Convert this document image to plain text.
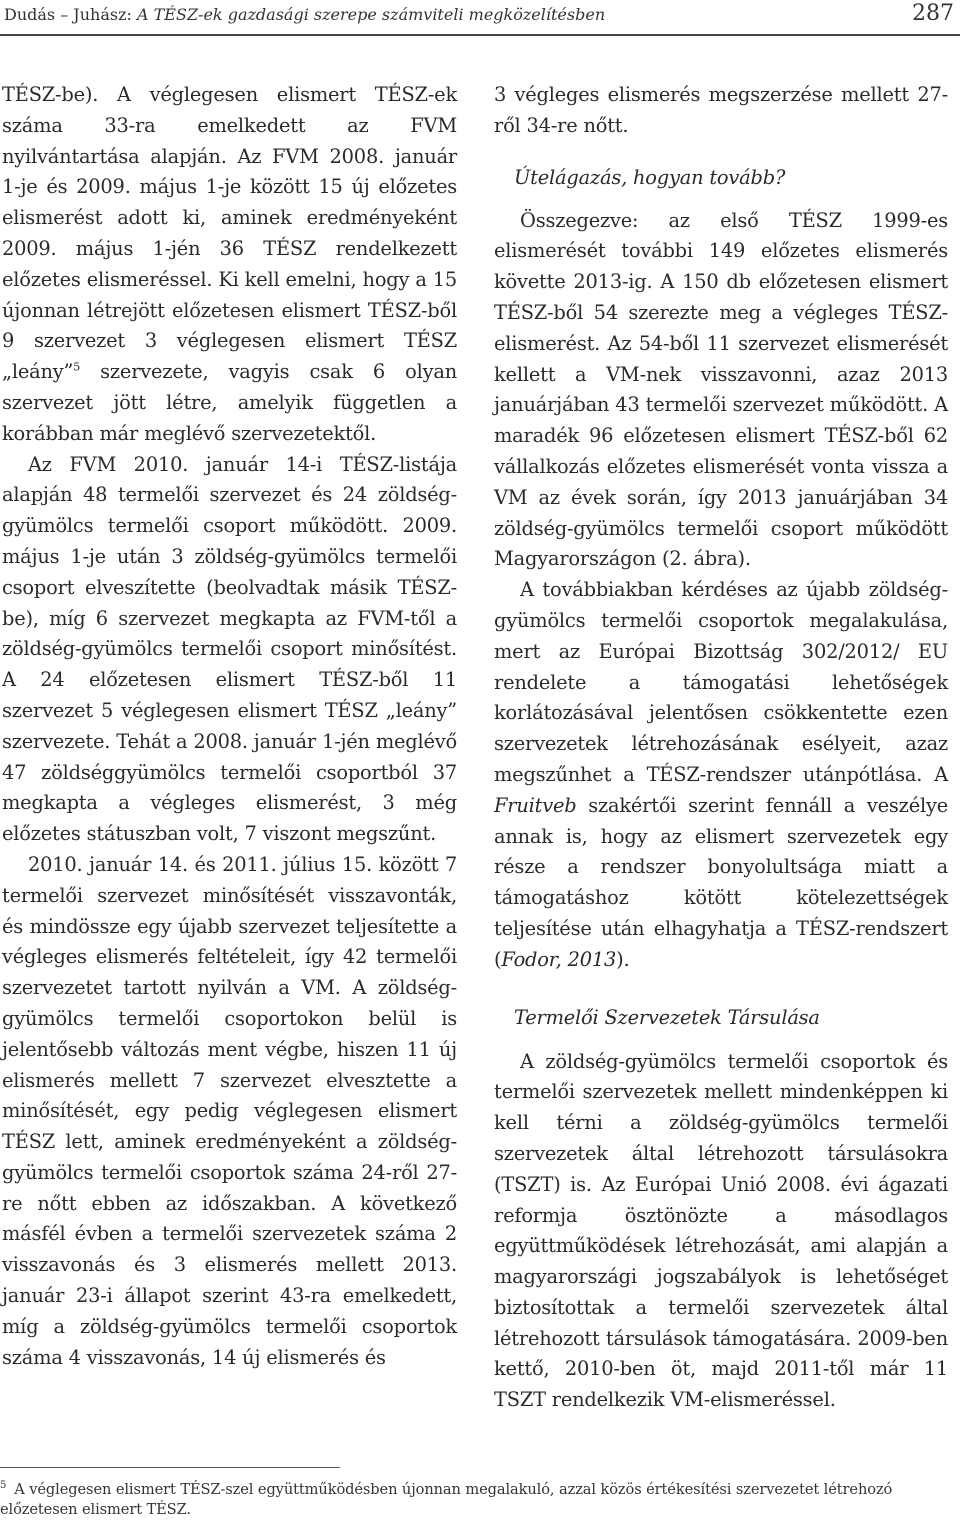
Dudás – Juhász: A TÉSZ-ek gazdasági szerepe számviteli megközelítésben	287

TÉSZ-be). A véglegesen elismert TÉSZ-ek száma 33-ra emelkedett az FVM nyilvántartása alapján. Az FVM 2008. január 1-je és 2009. május 1-je között 15 új előzetes elismerést adott ki, aminek eredményeként 2009. május 1-jén 36 TÉSZ rendelkezett előzetes elismeréssel. Ki kell emelni, hogy a 15 újonnan létrejött előzetesen elismert TÉSZ-ből 9 szervezet 3 véglegesen elismert TÉSZ „leány”$^5$ szervezete, vagyis csak 6 olyan szervezet jött létre, amelyik független a korábban már meglévő szervezetektől.

Az FVM 2010. január 14-i TÉSZ-listája alapján 48 termelői szervezet és 24 zöldség-gyümölcs termelői csoport működött. 2009. május 1-je után 3 zöldség-gyümölcs termelői csoport elveszítette (beolvadtak másik TÉSZ-be), míg 6 szervezet megkapta az FVM-től a zöldség-gyümölcs termelői csoport minősítést. A 24 előzetesen elismert TÉSZ-ből 11 szervezet 5 véglegesen elismert TÉSZ „leány” szervezete. Tehát a 2008. január 1-jén meglévő 47 zöldséggyümölcs termelői csoportból 37 megkapta a végleges elismerést, 3 még előzetes státuszban volt, 7 viszont megszűnt.

2010. január 14. és 2011. július 15. között 7 termelői szervezet minősítését visszavonták, és mindössze egy újabb szervezet teljesítette a végleges elismerés feltételeit, így 42 termelői szervezetet tartott nyilván a VM. A zöldség-gyümölcs termelői csoportokon belül is jelentősebb változás ment végbe, hiszen 11 új elismerés mellett 7 szervezet elvesztette a minősítését, egy pedig véglegesen elismert TÉSZ lett, aminek eredményeként a zöldség-gyümölcs termelői csoportok száma 24-ről 27-re nőtt ebben az időszakban. A következő másfél évben a termelői szervezetek száma 2 visszavonás és 3 elismerés mellett 2013. január 23-i állapot szerint 43-ra emelkedett, míg a zöldség-gyümölcs termelői csoportok száma 4 visszavonás, 14 új elismerés és

3 végleges elismerés megszerzése mellett 27-ről 34-re nőtt.

Útelágazás, hogyan tovább?

Összegezve: az első TÉSZ 1999-es elismerését további 149 előzetes elismerés követte 2013-ig. A 150 db előzetesen elismert TÉSZ-ből 54 szerezte meg a végleges TÉSZ-elismerést. Az 54-ből 11 szervezet elismerését kellett a VM-nek visszavonni, azaz 2013 januárjában 43 termelői szervezet működött. A maradék 96 előzetesen elismert TÉSZ-ből 62 vállalkozás előzetes elismerését vonta vissza a VM az évek során, így 2013 januárjában 34 zöldség-gyümölcs termelői csoport működött Magyarországon (2. ábra).

A továbbiakban kérdéses az újabb zöldség-gyümölcs termelői csoportok megalakulása, mert az Európai Bizottság 302/2012/ EU rendelete a támogatási lehetőségek korlátozásával jelentősen csökkentette ezen szervezetek létrehozásának esélyeit, azaz megszűnhet a TÉSZ-rendszer utánpótlása. A Fruitveb szakértői szerint fennáll a veszélye annak is, hogy az elismert szervezetek egy része a rendszer bonyolultsága miatt a támogatáshoz kötött kötelezettségek teljesítése után elhagyhatja a TÉSZ-rendszert (Fodor, 2013).

Termelői Szervezetek Társulása

A zöldség-gyümölcs termelői csoportok és termelői szervezetek mellett mindenképpen ki kell térni a zöldség-gyümölcs termelői szervezetek által létrehozott társulásokra (TSZT) is. Az Európai Unió 2008. évi ágazati reformja ösztönözte a másodlagos együttműködések létrehozását, ami alapján a magyarországi jogszabályok is lehetőséget biztosítottak a termelői szervezetek által létrehozott társulások támogatására. 2009-ben kettő, 2010-ben öt, majd 2011-től már 11 TSZT rendelkezik VM-elismeréssel.

$^5$ A véglegesen elismert TÉSZ-szel együttműködésben újonnan megalakuló, azzal közös értékesítési szervezetet létrehozó előzetesen elismert TÉSZ.
